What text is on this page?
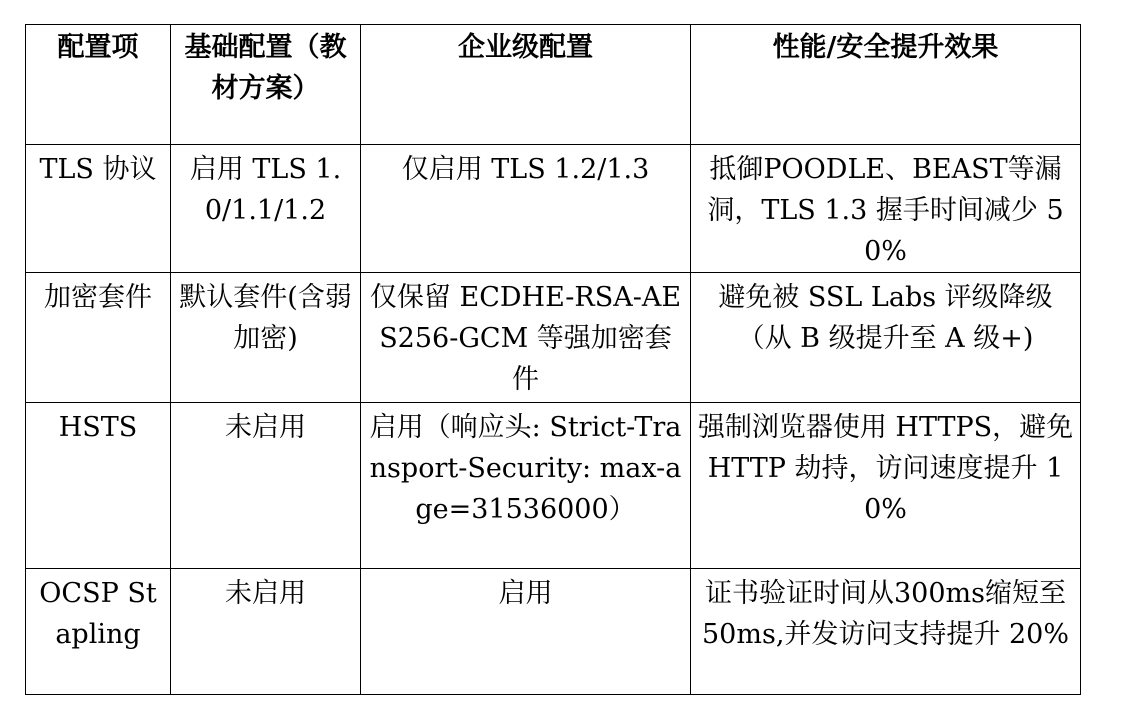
配置项	基础配置（教材方案）	企业级配置	性能/安全提升效果
TLS 协议	启用 TLS 1.0/1.1/1.2	仅启用 TLS 1.2/1.3	抵御POODLE、BEAST等漏洞，TLS 1.3 握手时间减少 50%
加密套件	默认套件(含弱加密)	仅保留 ECDHE-RSA-AES256-GCM 等强加密套件	避免被 SSL Labs 评级降级（从 B 级提升至 A 级+)
HSTS	未启用	启用（响应头: Strict-Transport-Security: max-age=31536000）	强制浏览器使用 HTTPS，避免 HTTP 劫持，访问速度提升 10%
OCSP Stapling	未启用	启用	证书验证时间从300ms缩短至 50ms,并发访问支持提升 20%
